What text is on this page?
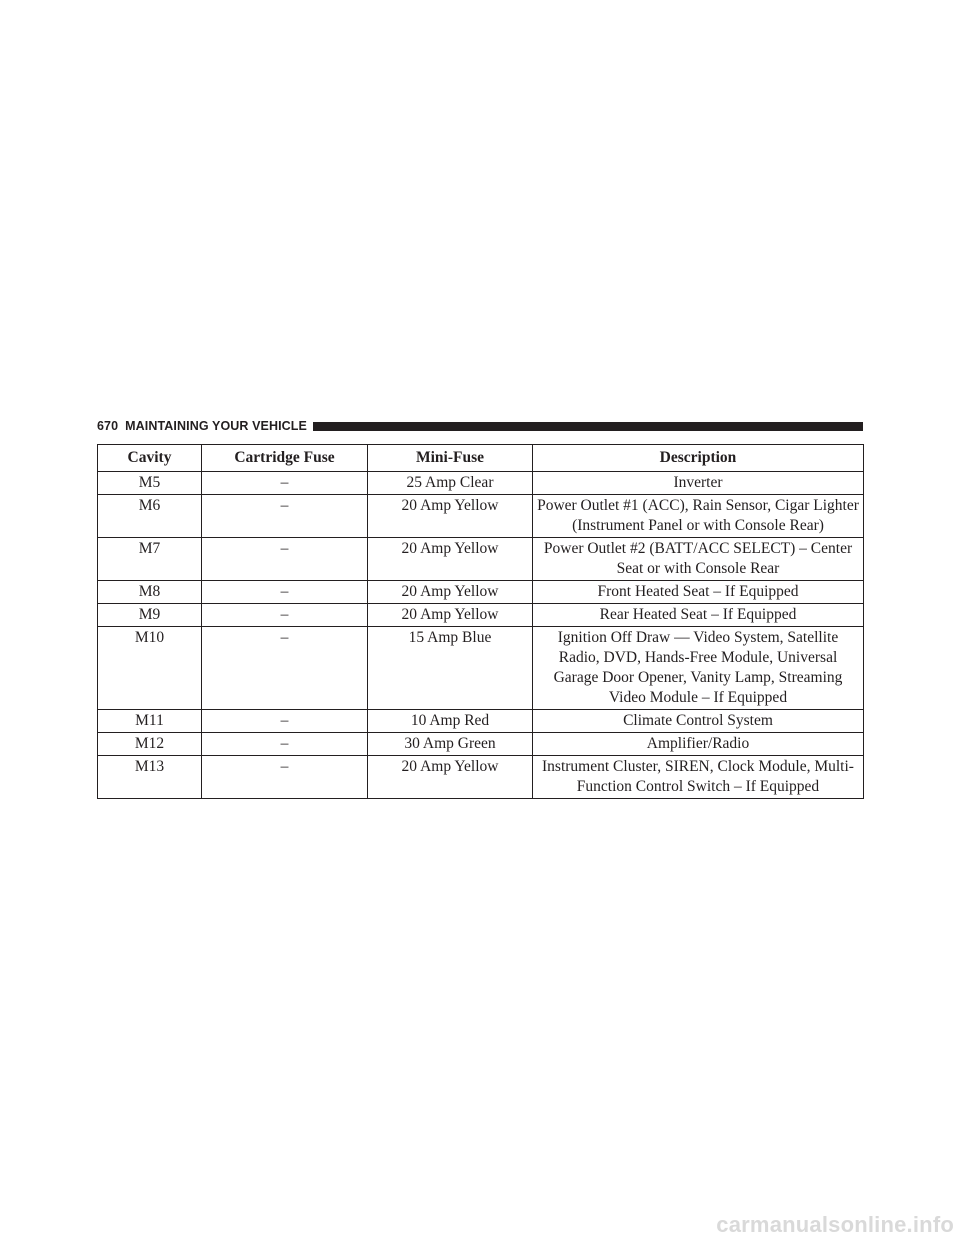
670 MAINTAINING YOUR VEHICLE
Cavity	Cartridge Fuse	Mini-Fuse	Description
M5	–	25 Amp Clear	Inverter
M6	–	20 Amp Yellow	Power Outlet #1 (ACC), Rain Sensor, Cigar Lighter (Instrument Panel or with Console Rear)
M7	–	20 Amp Yellow	Power Outlet #2 (BATT/ACC SELECT) – Center Seat or with Console Rear
M8	–	20 Amp Yellow	Front Heated Seat – If Equipped
M9	–	20 Amp Yellow	Rear Heated Seat – If Equipped
M10	–	15 Amp Blue	Ignition Off Draw — Video System, Satellite Radio, DVD, Hands-Free Module, Universal Garage Door Opener, Vanity Lamp, Streaming Video Module – If Equipped
M11	–	10 Amp Red	Climate Control System
M12	–	30 Amp Green	Amplifier/Radio
M13	–	20 Amp Yellow	Instrument Cluster, SIREN, Clock Module, Multi-Function Control Switch – If Equipped
carmanualsonline.info
